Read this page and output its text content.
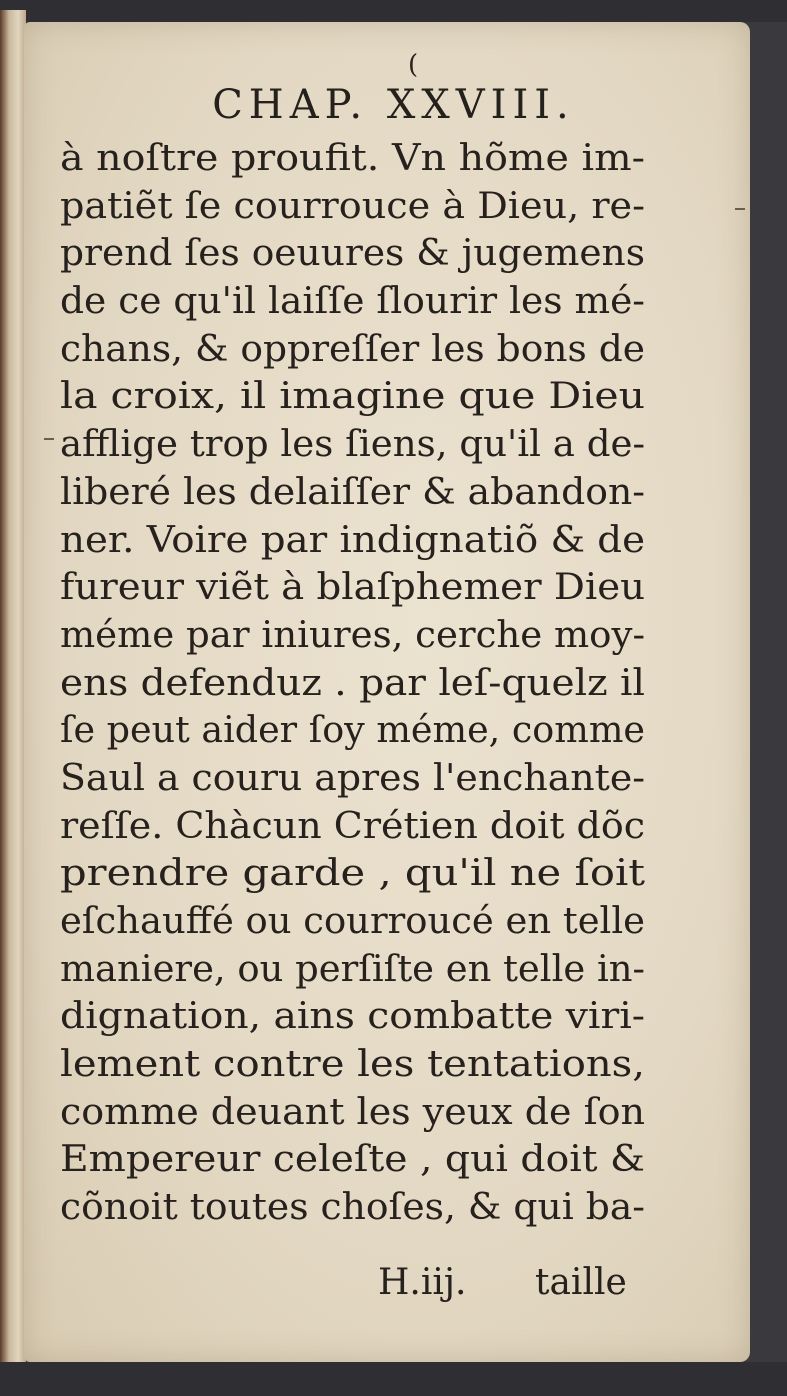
(
CHAP. XXVIII.
à noſtre proufit. Vn hõme im-
patiẽt ſe courrouce à Dieu, re-
prend ſes oeuures & jugemens
de ce qu'il laiſſe ſlourir les mé-
chans, & oppreſſer les bons de
la croix, il imagine que Dieu
afflige trop les ſiens, qu'il a de-
liberé les delaiſſer & abandon-
ner. Voire par indignatiõ & de
fureur viẽt à blaſphemer Dieu
méme par iniures, cerche moy-
ens defenduz . par leſ-quelz il
ſe peut aider ſoy méme, comme
Saul a couru apres l'enchante-
reſſe. Chàcun Crétien doit dõc
prendre garde , qu'il ne ſoit
eſchauffé ou courroucé en telle
maniere, ou perſiſte en telle in-
dignation, ains combatte viri-
lement contre les tentations,
comme deuant les yeux de ſon
Empereur celeſte , qui doit &
cõnoit toutes choſes, & qui ba-
H.iij. taille
